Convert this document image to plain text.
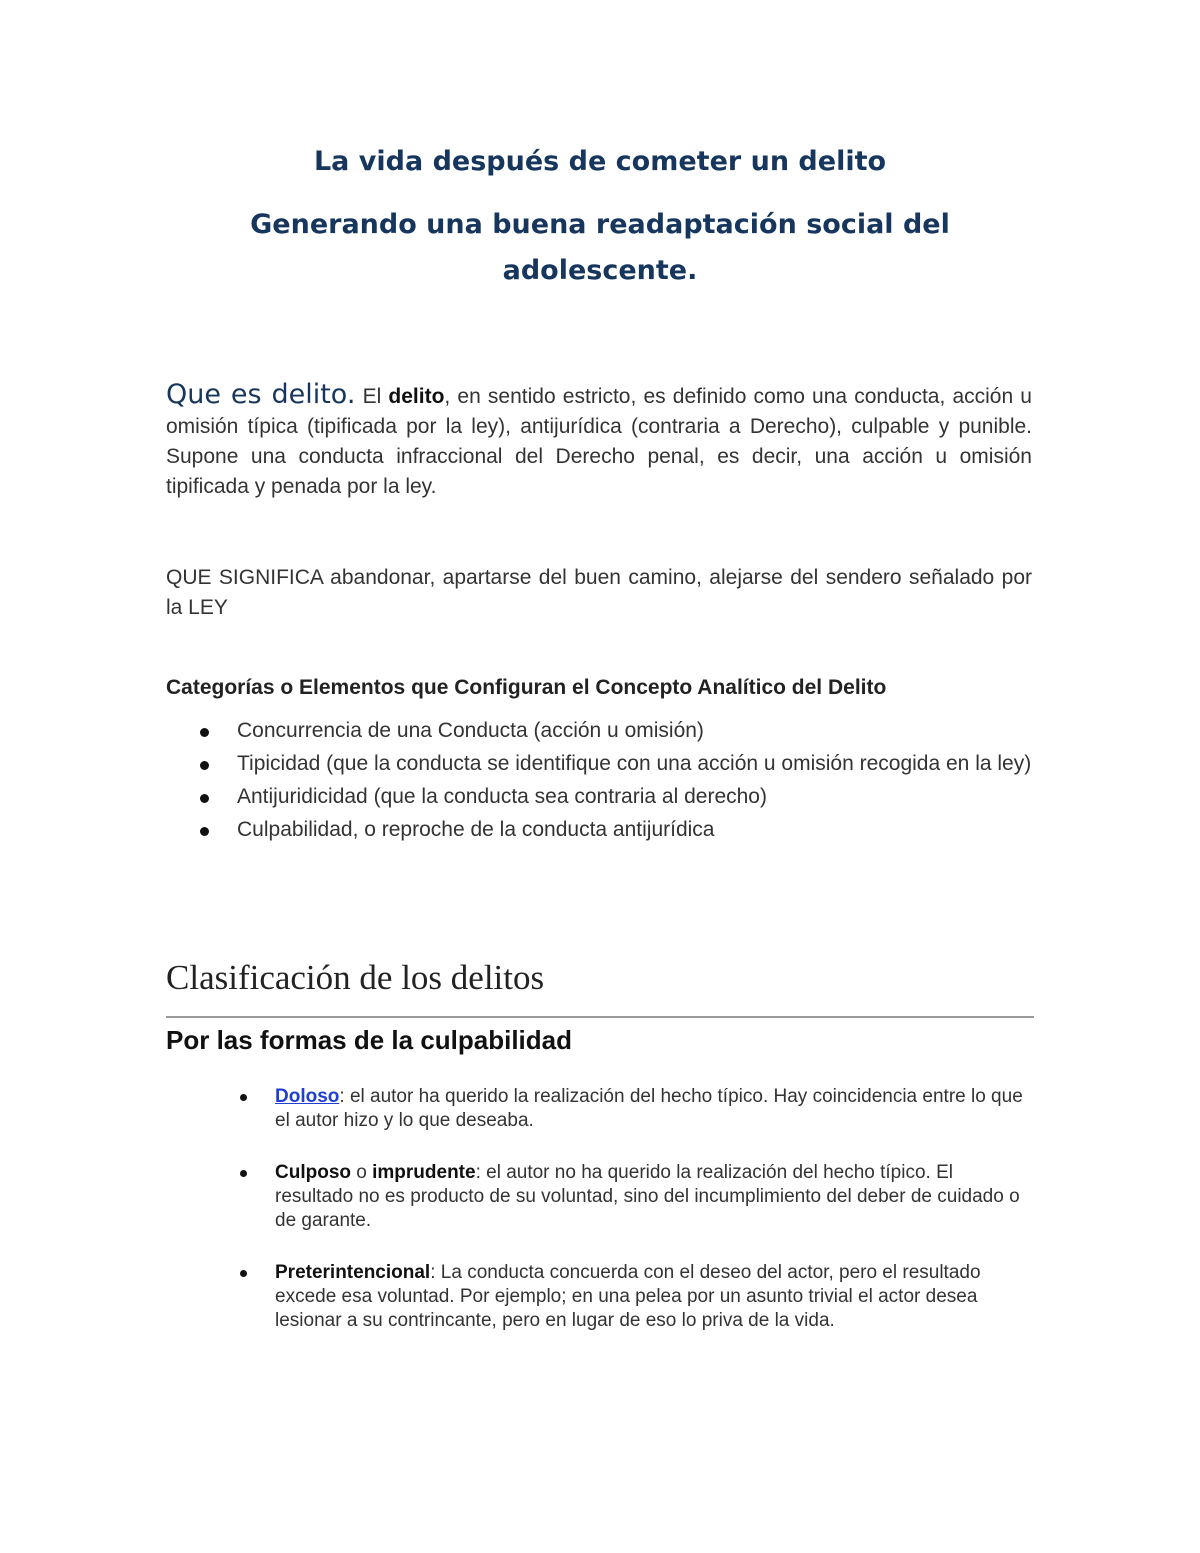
La vida después de cometer un delito

Generando una buena readaptación social del adolescente.

Que es delito. El delito, en sentido estricto, es definido como una conducta, acción u omisión típica (tipificada por la ley), antijurídica (contraria a Derecho), culpable y punible. Supone una conducta infraccional del Derecho penal, es decir, una acción u omisión tipificada y penada por la ley.

QUE SIGNIFICA abandonar, apartarse del buen camino, alejarse del sendero señalado por la LEY

Categorías o Elementos que Configuran el Concepto Analítico del Delito

Concurrencia de una Conducta (acción u omisión)
Tipicidad (que la conducta se identifique con una acción u omisión recogida en la ley)
Antijuridicidad (que la conducta sea contraria al derecho)
Culpabilidad, o reproche de la conducta antijurídica
Clasificación de los delitos
Por las formas de la culpabilidad
Doloso: el autor ha querido la realización del hecho típico. Hay coincidencia entre lo que el autor hizo y lo que deseaba.
Culposo o imprudente: el autor no ha querido la realización del hecho típico. El resultado no es producto de su voluntad, sino del incumplimiento del deber de cuidado o de garante.
Preterintencional: La conducta concuerda con el deseo del actor, pero el resultado excede esa voluntad. Por ejemplo; en una pelea por un asunto trivial el actor desea lesionar a su contrincante, pero en lugar de eso lo priva de la vida.
